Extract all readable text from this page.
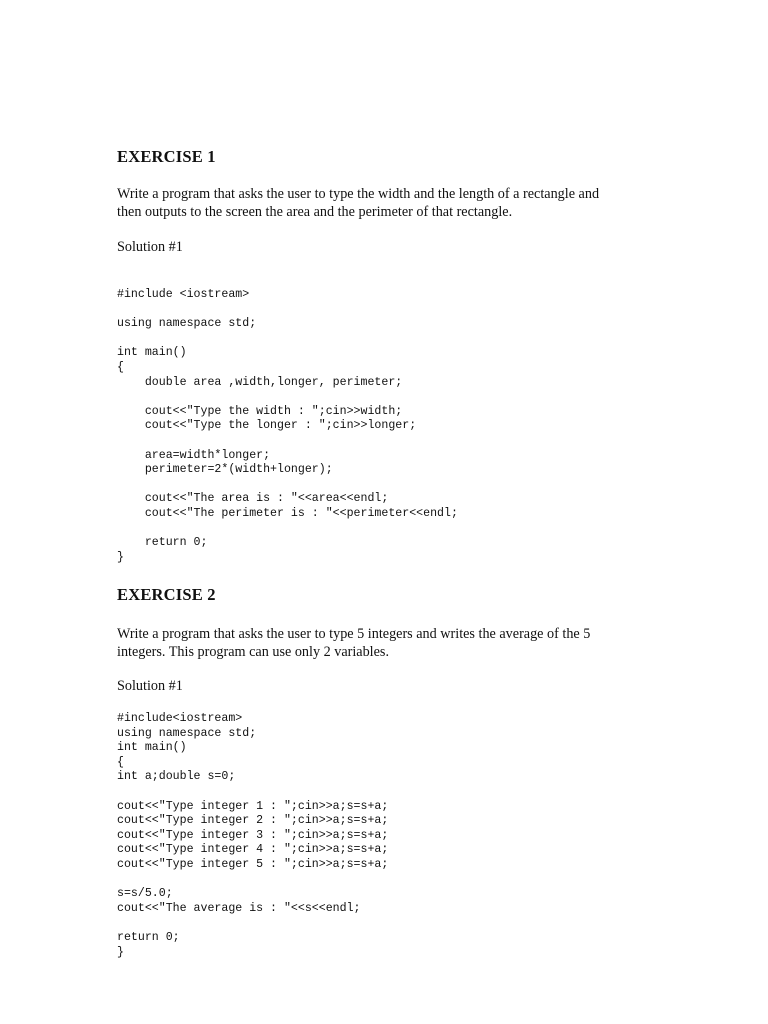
EXERCISE 1

Write a program that asks the user to type the width and the length of a rectangle and

then outputs to the screen the area and the perimeter of that rectangle.

Solution #1

#include <iostream>
using namespace std;
int main()
{
double area ,width,longer, perimeter;
cout<<"Type the width : ";cin>>width;
cout<<"Type the longer : ";cin>>longer;
area=width*longer;
perimeter=2*(width+longer);
cout<<"The area is : "<<area<<endl;
cout<<"The perimeter is : "<<perimeter<<endl;
return 0;
}
EXERCISE 2

Write a program that asks the user to type 5 integers and writes the average of the 5

integers. This program can use only 2 variables.

Solution #1

#include<iostream>
using namespace std;
int main()
{
int a;double s=0;
cout<<"Type integer 1 : ";cin>>a;s=s+a;
cout<<"Type integer 2 : ";cin>>a;s=s+a;
cout<<"Type integer 3 : ";cin>>a;s=s+a;
cout<<"Type integer 4 : ";cin>>a;s=s+a;
cout<<"Type integer 5 : ";cin>>a;s=s+a;
s=s/5.0;
cout<<"The average is : "<<s<<endl;
return 0;
}
